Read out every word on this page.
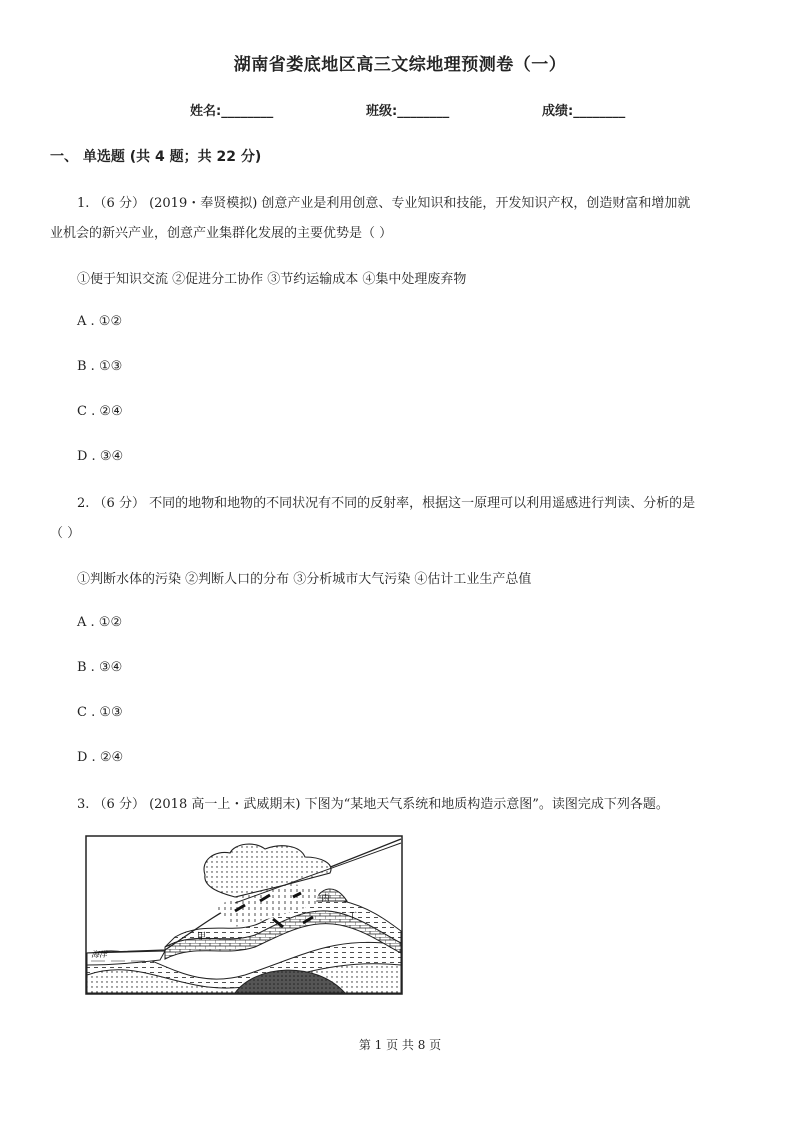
湖南省娄底地区高三文综地理预测卷（一）
姓名:________	班级:________	成绩:________
一、 单选题 (共 4 题；共 22 分)
1. （6 分） (2019・奉贤模拟) 创意产业是利用创意、专业知识和技能，开发知识产权，创造财富和增加就
业机会的新兴产业，创意产业集群化发展的主要优势是（ ）
①便于知识交流 ②促进分工协作 ③节约运输成本 ④集中处理废弃物
A . ①②
B . ①③
C . ②④
D . ③④
2. （6 分） 不同的地物和地物的不同状况有不同的反射率，根据这一原理可以利用遥感进行判读、分析的是
（ ）
①判断水体的污染 ②判断人口的分布 ③分析城市大气污染 ④估计工业生产总值
A . ①②
B . ③④
C . ①③
D . ②④
3. （6 分） (2018 高一上・武威期末) 下图为“某地天气系统和地质构造示意图”。读图完成下列各题。
甲
丙
丁
海洋
第 1 页 共 8 页
